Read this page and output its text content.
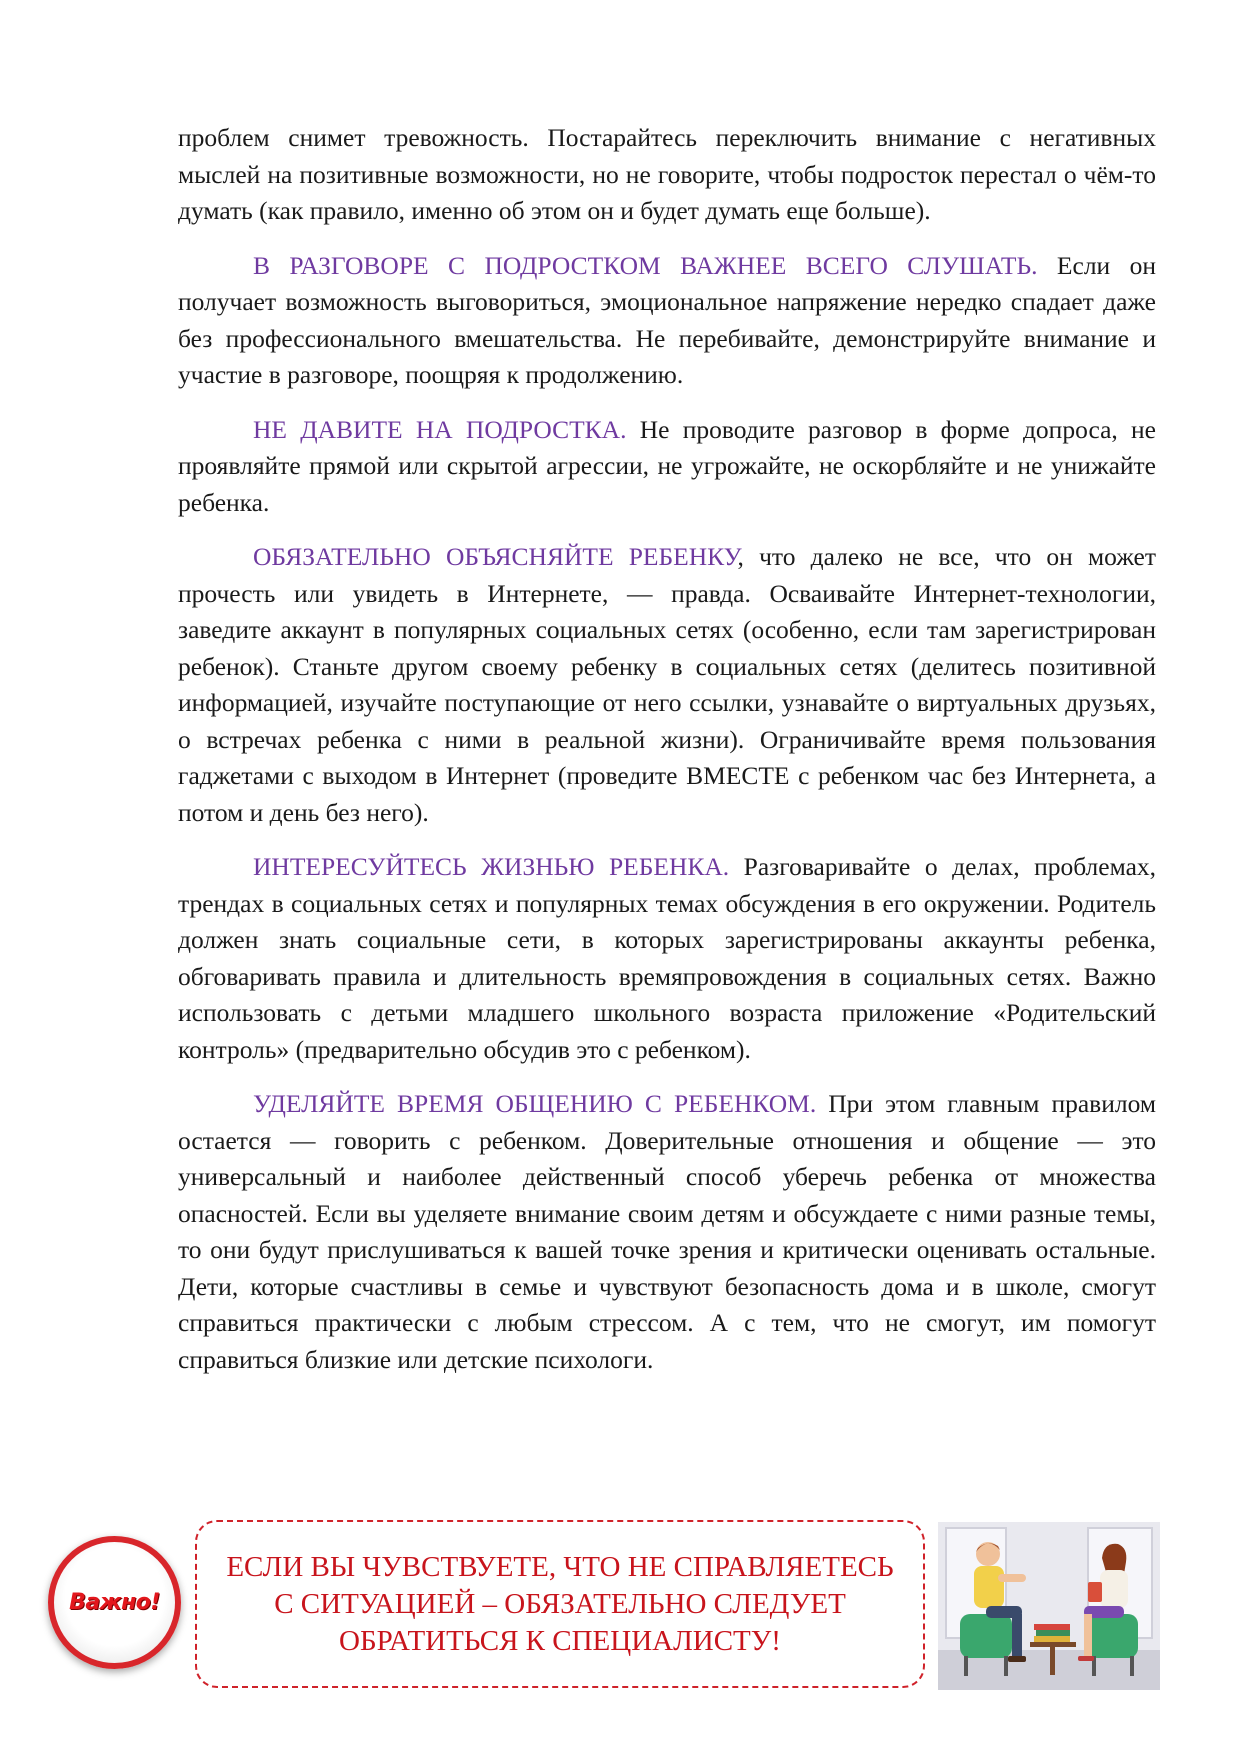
проблем снимет тревожность. Постарайтесь переключить внимание с негативных мыслей на позитивные возможности, но не говорите, чтобы подросток перестал о чём-то думать (как правило, именно об этом он и будет думать еще больше).

В РАЗГОВОРЕ С ПОДРОСТКОМ ВАЖНЕЕ ВСЕГО СЛУШАТЬ. Если он получает возможность выговориться, эмоциональное напряжение нередко спадает даже без профессионального вмешательства. Не перебивайте, демонстрируйте внимание и участие в разговоре, поощряя к продолжению.

НЕ ДАВИТЕ НА ПОДРОСТКА. Не проводите разговор в форме допроса, не проявляйте прямой или скрытой агрессии, не угрожайте, не оскорбляйте и не унижайте ребенка.

ОБЯЗАТЕЛЬНО ОБЪЯСНЯЙТЕ РЕБЕНКУ, что далеко не все, что он может прочесть или увидеть в Интернете, — правда. Осваивайте Интернет-технологии, заведите аккаунт в популярных социальных сетях (особенно, если там зарегистрирован ребенок). Станьте другом своему ребенку в социальных сетях (делитесь позитивной информацией, изучайте поступающие от него ссылки, узнавайте о виртуальных друзьях, о встречах ребенка с ними в реальной жизни). Ограничивайте время пользования гаджетами с выходом в Интернет (проведите ВМЕСТЕ с ребенком час без Интернета, а потом и день без него).

ИНТЕРЕСУЙТЕСЬ ЖИЗНЬЮ РЕБЕНКА. Разговаривайте о делах, проблемах, трендах в социальных сетях и популярных темах обсуждения в его окружении. Родитель должен знать социальные сети, в которых зарегистрированы аккаунты ребенка, обговаривать правила и длительность времяпровождения в социальных сетях. Важно использовать с детьми младшего школьного возраста приложение «Родительский контроль» (предварительно обсудив это с ребенком).

УДЕЛЯЙТЕ ВРЕМЯ ОБЩЕНИЮ С РЕБЕНКОМ. При этом главным правилом остается — говорить с ребенком. Доверительные отношения и общение — это универсальный и наиболее действенный способ уберечь ребенка от множества опасностей. Если вы уделяете внимание своим детям и обсуждаете с ними разные темы, то они будут прислушиваться к вашей точке зрения и критически оценивать остальные. Дети, которые счастливы в семье и чувствуют безопасность дома и в школе, смогут справиться практически с любым стрессом. А с тем, что не смогут, им помогут справиться близкие или детские психологи.

Важно!
ЕСЛИ ВЫ ЧУВСТВУЕТЕ, ЧТО НЕ СПРАВЛЯЕТЕСЬ С СИТУАЦИЕЙ – ОБЯЗАТЕЛЬНО СЛЕДУЕТ ОБРАТИТЬСЯ К СПЕЦИАЛИСТУ!
